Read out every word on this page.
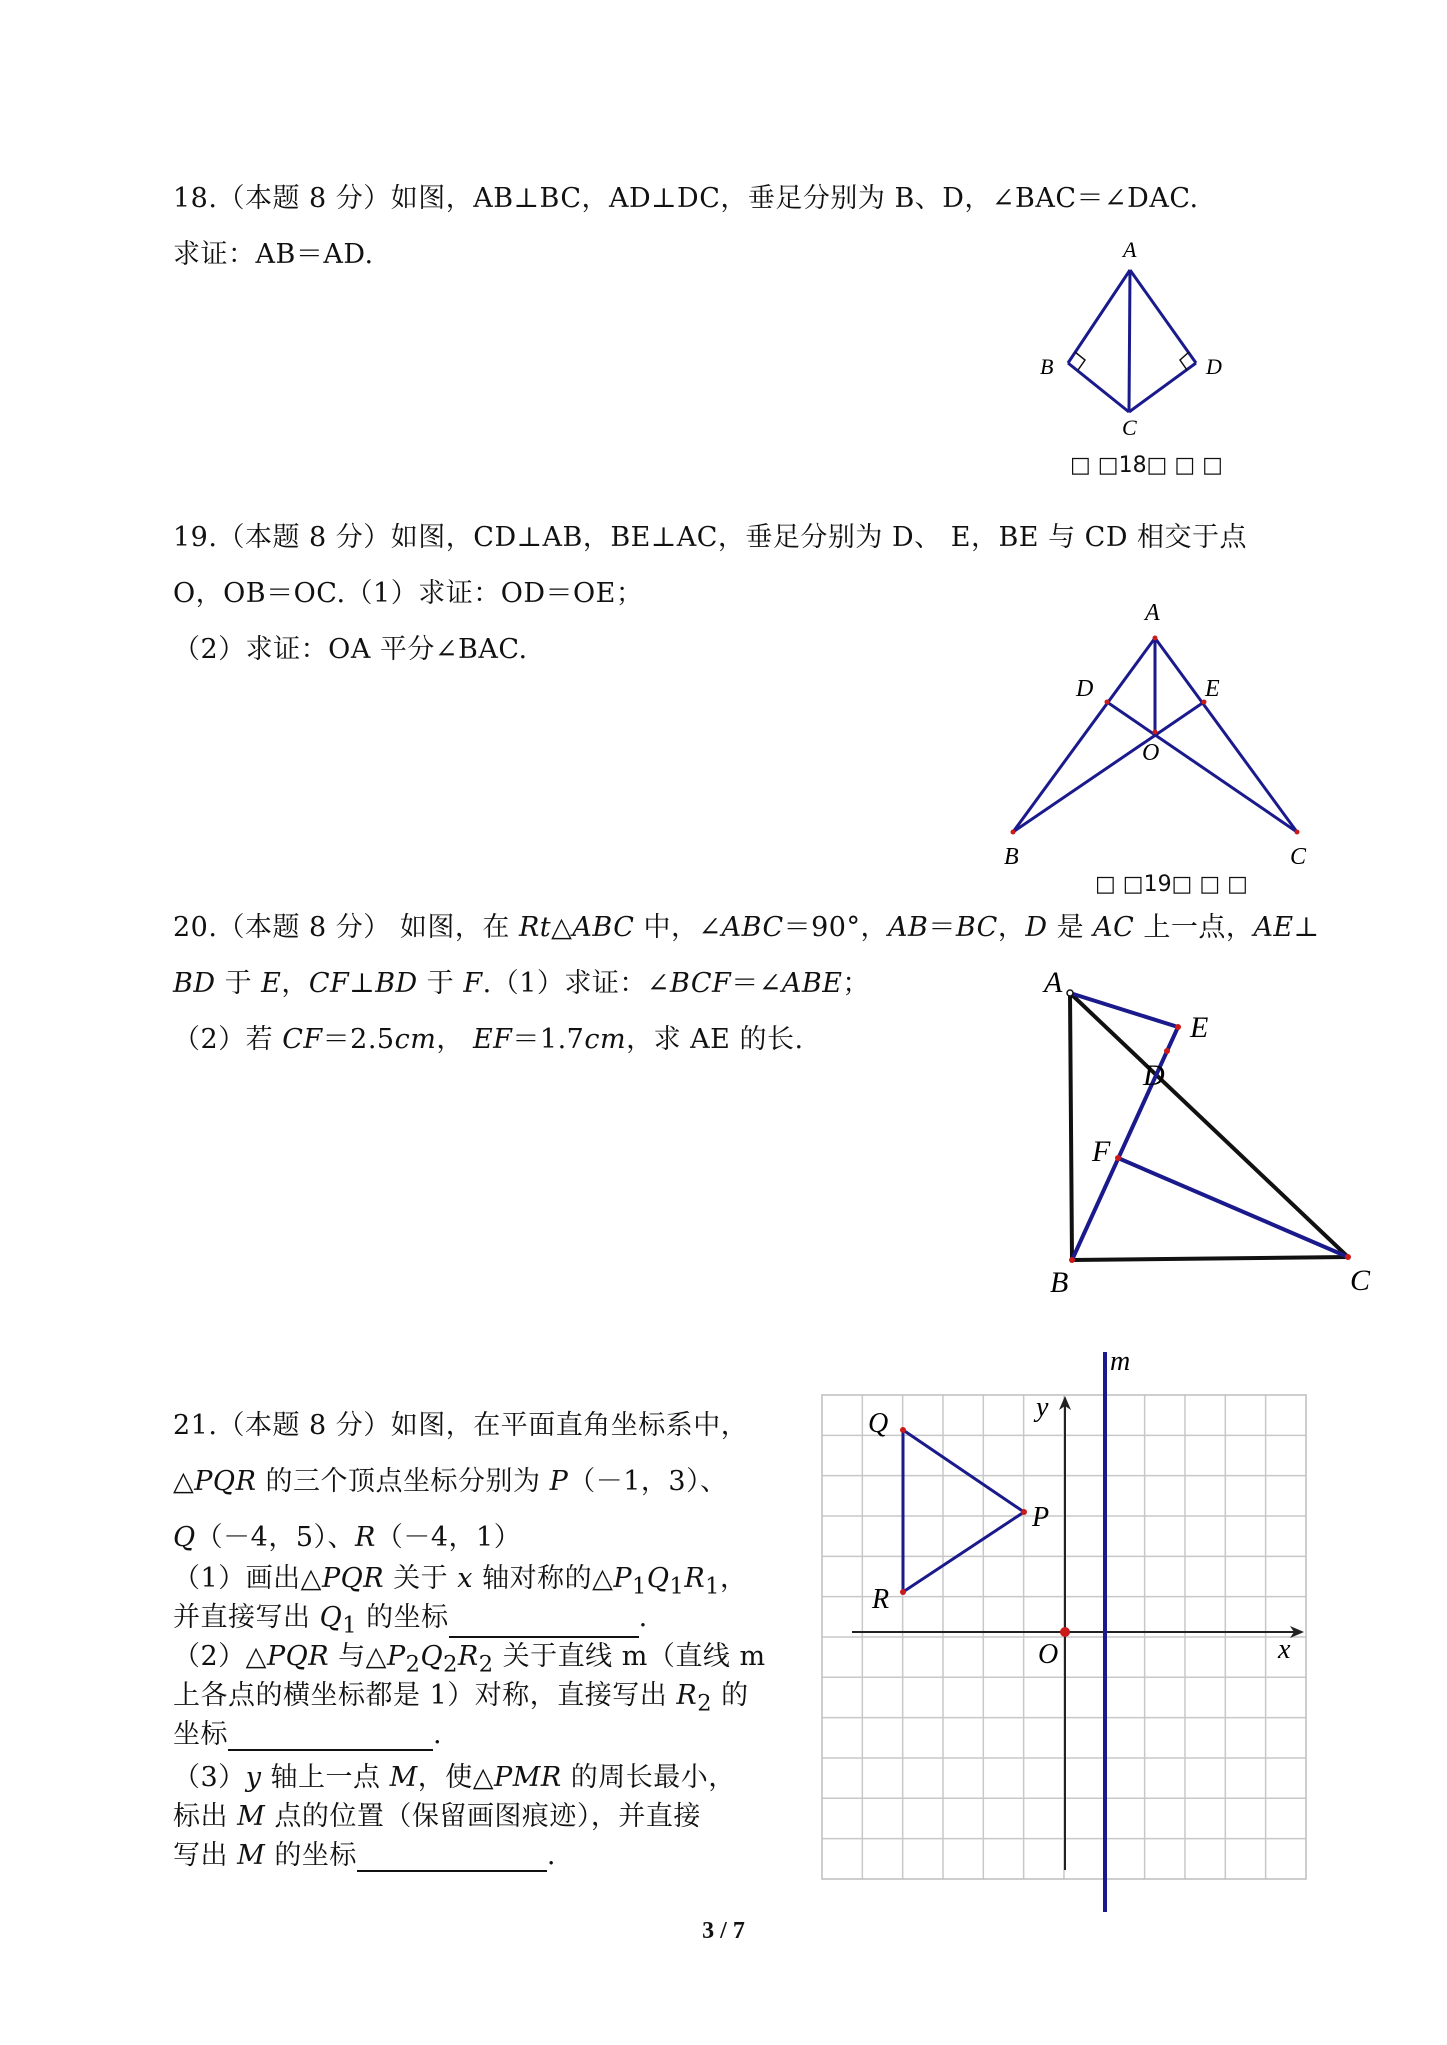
18.（本题 8 分）如图，AB⊥BC，AD⊥DC，垂足分别为 B、D，∠BAC＝∠DAC.
求证：AB＝AD.	A
B	D
C
□ □18□ □ □
19.（本题 8 分）如图，CD⊥AB，BE⊥AC，垂足分别为 D、 E，BE 与 CD 相交于点
O，OB＝OC.（1）求证：OD＝OE；
（2）求证：OA 平分∠BAC.
A
D	E
O
B	C
□ □19□ □ □
20.（本题 8 分） 如图，在 Rt△ABC 中，∠ABC＝90°，AB＝BC，D 是 AC 上一点，AE⊥
BD 于 E，CF⊥BD 于 F.（1）求证：∠BCF＝∠ABE；
（2）若 CF＝2.5cm， EF＝1.7cm，求 AE 的长.
A
E
D
F
B	C
21.（本题 8 分）如图，在平面直角坐标系中，
△PQR 的三个顶点坐标分别为 P（－1，3）、
Q（－4，5）、R（－4，1）
（1）画出△PQR 关于 x 轴对称的$\triangle P_1Q_1R_1$，
并直接写出 $Q_1$ 的坐标	.
（2）△PQR 与$\triangle P_2Q_2R_2$ 关于直线 m（直线 m
上各点的横坐标都是 1）对称，直接写出 $R_2$ 的
坐标	.
（3）y 轴上一点 M，使△PMR 的周长最小，
标出 M 点的位置（保留画图痕迹），并直接
写出 M 的坐标	.
Q
P
R
O	x
y
m
3 / 7
